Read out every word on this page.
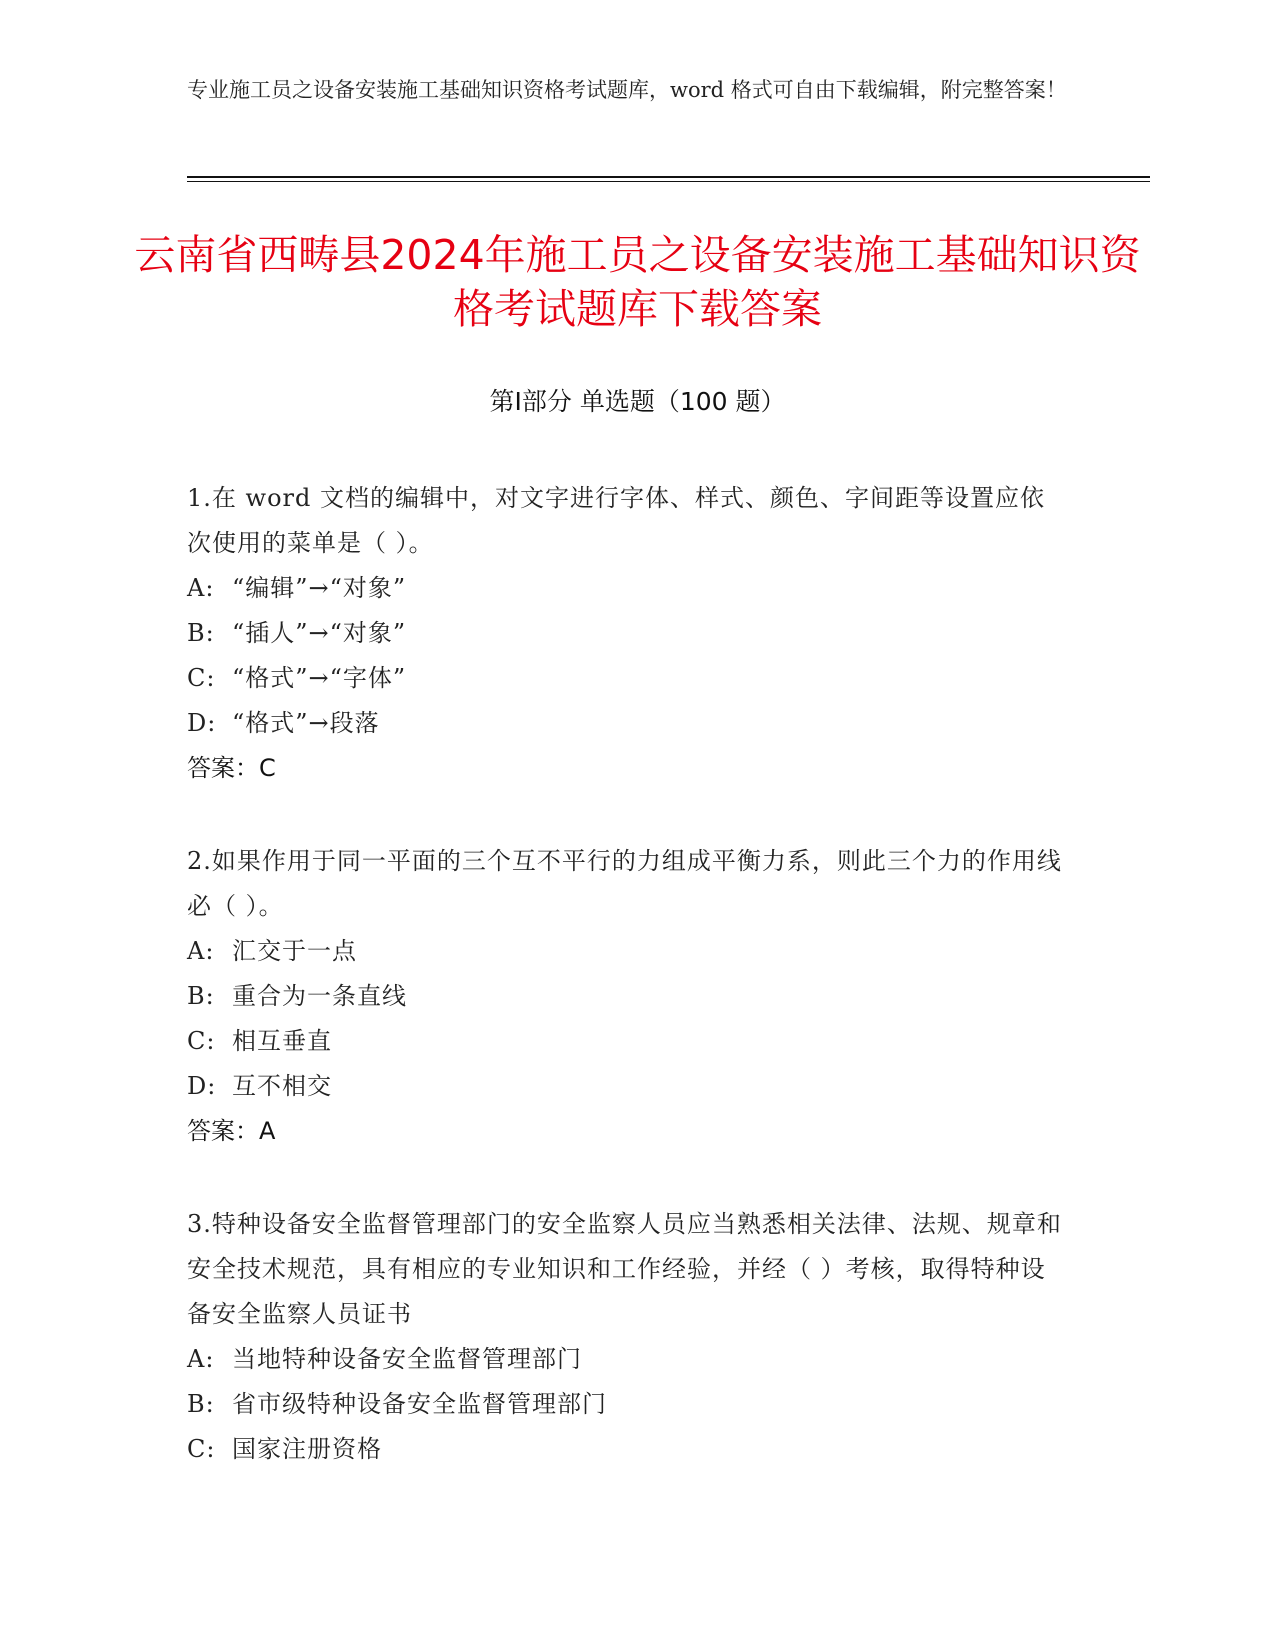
专业施工员之设备安装施工基础知识资格考试题库，word 格式可自由下载编辑，附完整答案！
云南省西畴县2024年施工员之设备安装施工基础知识资格考试题库下载答案
第Ⅰ部分 单选题（100 题）
1.在 word 文档的编辑中，对文字进行字体、样式、颜色、字间距等设置应依次使用的菜单是（ ）。
A: “编辑”→“对象”
B: “插人”→“对象”
C: “格式”→“字体”
D: “格式”→段落
答案：C
2.如果作用于同一平面的三个互不平行的力组成平衡力系，则此三个力的作用线必（ ）。
A: 汇交于一点
B: 重合为一条直线
C: 相互垂直
D: 互不相交
答案：A
3.特种设备安全监督管理部门的安全监察人员应当熟悉相关法律、法规、规章和安全技术规范，具有相应的专业知识和工作经验，并经（ ）考核，取得特种设备安全监察人员证书
A: 当地特种设备安全监督管理部门
B: 省市级特种设备安全监督管理部门
C: 国家注册资格
